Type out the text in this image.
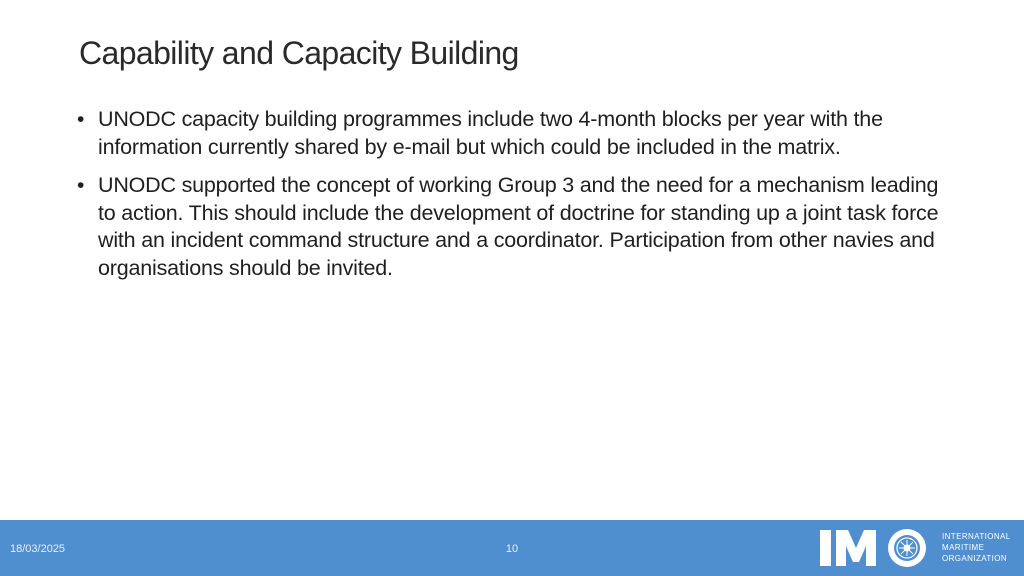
Capability and Capacity Building
• UNODC capacity building programmes include two 4-month blocks per year with the information currently shared by e-mail but which could be included in the matrix.
• UNODC supported the concept of working Group 3 and the need for a mechanism leading to action. This should include the development of doctrine for standing up a joint task force with an incident command structure and a coordinator. Participation from other navies and organisations should be invited.
18/03/2025	10
INTERNATIONAL
MARITIME
ORGANIZATION
